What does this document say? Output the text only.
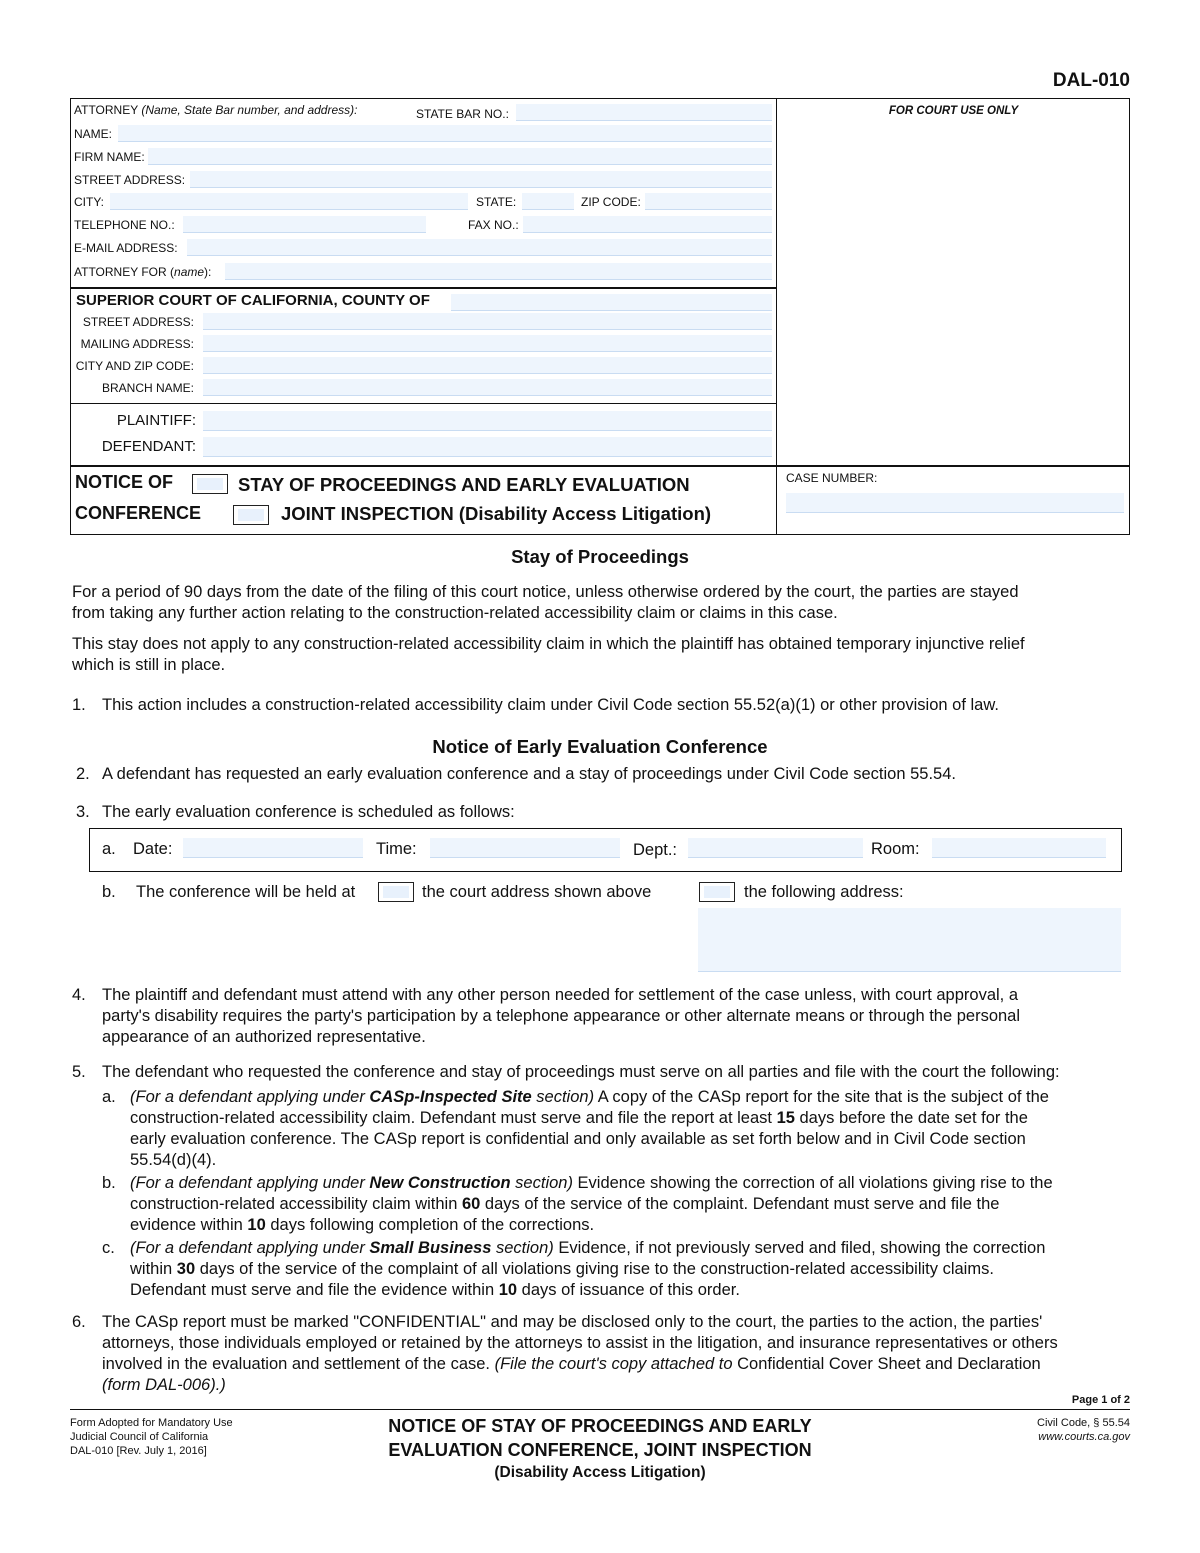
DAL-010
ATTORNEY (Name, State Bar number, and address):	STATE BAR NO.:
NAME:
FIRM NAME:
STREET ADDRESS:
CITY:	STATE:	ZIP CODE:
TELEPHONE NO.:	FAX NO.:
E-MAIL ADDRESS:
ATTORNEY FOR (name):
FOR COURT USE ONLY
SUPERIOR COURT OF CALIFORNIA, COUNTY OF
STREET ADDRESS:
MAILING ADDRESS:
CITY AND ZIP CODE:
BRANCH NAME:
PLAINTIFF:
DEFENDANT:
NOTICE OF	STAY OF PROCEEDINGS AND EARLY EVALUATION
CONFERENCE	JOINT INSPECTION (Disability Access Litigation)
CASE NUMBER:
Stay of Proceedings
For a period of 90 days from the date of the filing of this court notice, unless otherwise ordered by the court, the parties are stayed
from taking any further action relating to the construction-related accessibility claim or claims in this case.
This stay does not apply to any construction-related accessibility claim in which the plaintiff has obtained temporary injunctive relief
which is still in place.
1. This action includes a construction-related accessibility claim under Civil Code section 55.52(a)(1) or other provision of law.
Notice of Early Evaluation Conference
2. A defendant has requested an early evaluation conference and a stay of proceedings under Civil Code section 55.54.
3. The early evaluation conference is scheduled as follows:
a. Date:	Time:	Dept.:	Room:
b. The conference will be held at	the court address shown above	the following address:
4. The plaintiff and defendant must attend with any other person needed for settlement of the case unless, with court approval, a
party's disability requires the party's participation by a telephone appearance or other alternate means or through the personal
appearance of an authorized representative.
5. The defendant who requested the conference and stay of proceedings must serve on all parties and file with the court the following:
a. (For a defendant applying under CASp-Inspected Site section) A copy of the CASp report for the site that is the subject of the
construction-related accessibility claim. Defendant must serve and file the report at least 15 days before the date set for the
early evaluation conference. The CASp report is confidential and only available as set forth below and in Civil Code section
55.54(d)(4).
b. (For a defendant applying under New Construction section) Evidence showing the correction of all violations giving rise to the
construction-related accessibility claim within 60 days of the service of the complaint. Defendant must serve and file the
evidence within 10 days following completion of the corrections.
c. (For a defendant applying under Small Business section) Evidence, if not previously served and filed, showing the correction
within 30 days of the service of the complaint of all violations giving rise to the construction-related accessibility claims.
Defendant must serve and file the evidence within 10 days of issuance of this order.
6. The CASp report must be marked "CONFIDENTIAL" and may be disclosed only to the court, the parties to the action, the parties'
attorneys, those individuals employed or retained by the attorneys to assist in the litigation, and insurance representatives or others
involved in the evaluation and settlement of the case. (File the court's copy attached to Confidential Cover Sheet and Declaration
(form DAL-006).)
Page 1 of 2
Form Adopted for Mandatory Use
Judicial Council of California
DAL-010 [Rev. July 1, 2016]
NOTICE OF STAY OF PROCEEDINGS AND EARLY
EVALUATION CONFERENCE, JOINT INSPECTION
(Disability Access Litigation)
Civil Code, § 55.54
www.courts.ca.gov
